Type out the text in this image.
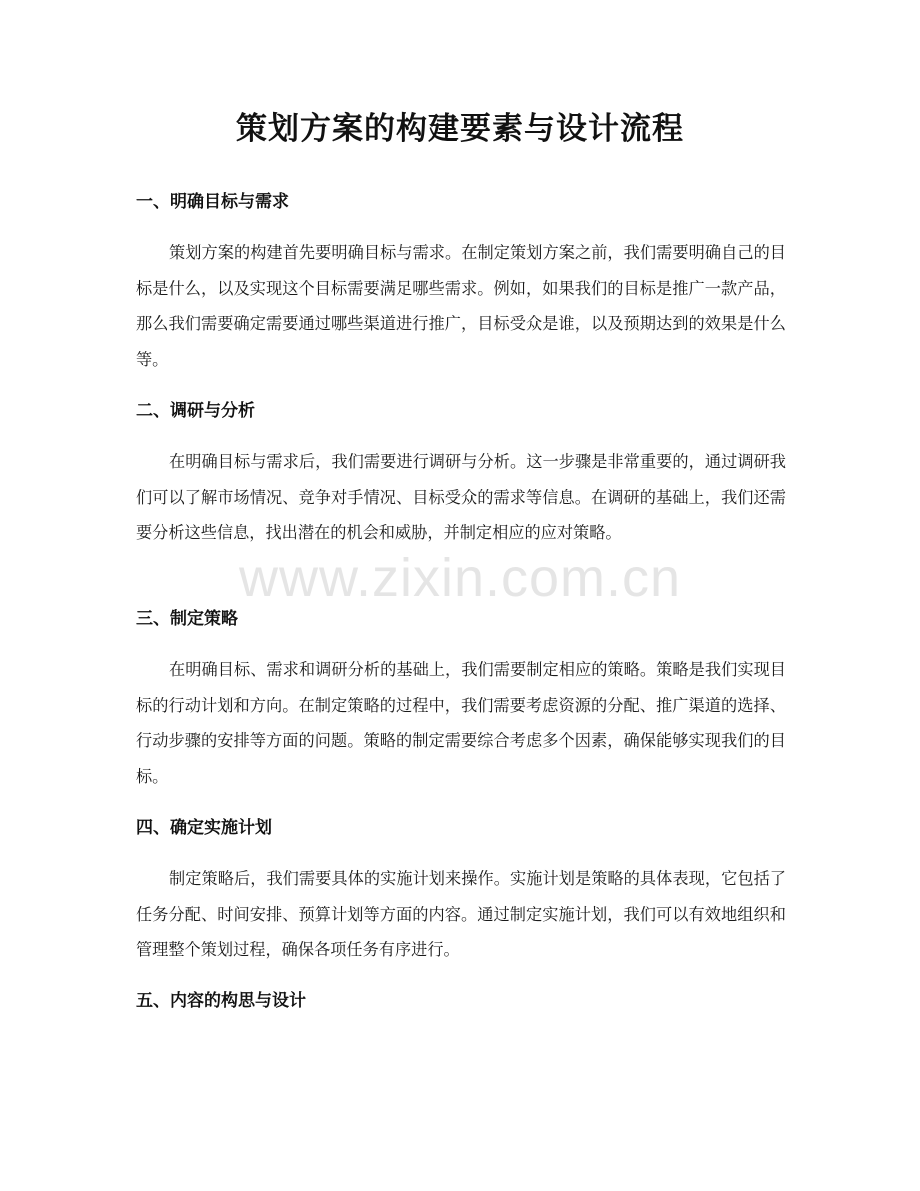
策划方案的构建要素与设计流程
一、明确目标与需求

策划方案的构建首先要明确目标与需求。在制定策划方案之前，我们需要明确自己的目标是什么，以及实现这个目标需要满足哪些需求。例如，如果我们的目标是推广一款产品，那么我们需要确定需要通过哪些渠道进行推广，目标受众是谁，以及预期达到的效果是什么等。

二、调研与分析

在明确目标与需求后，我们需要进行调研与分析。这一步骤是非常重要的，通过调研我们可以了解市场情况、竞争对手情况、目标受众的需求等信息。在调研的基础上，我们还需要分析这些信息，找出潜在的机会和威胁，并制定相应的应对策略。

三、制定策略

在明确目标、需求和调研分析的基础上，我们需要制定相应的策略。策略是我们实现目标的行动计划和方向。在制定策略的过程中，我们需要考虑资源的分配、推广渠道的选择、行动步骤的安排等方面的问题。策略的制定需要综合考虑多个因素，确保能够实现我们的目标。

四、确定实施计划

制定策略后，我们需要具体的实施计划来操作。实施计划是策略的具体表现，它包括了任务分配、时间安排、预算计划等方面的内容。通过制定实施计划，我们可以有效地组织和管理整个策划过程，确保各项任务有序进行。

五、内容的构思与设计
www.zixin.com.cn
